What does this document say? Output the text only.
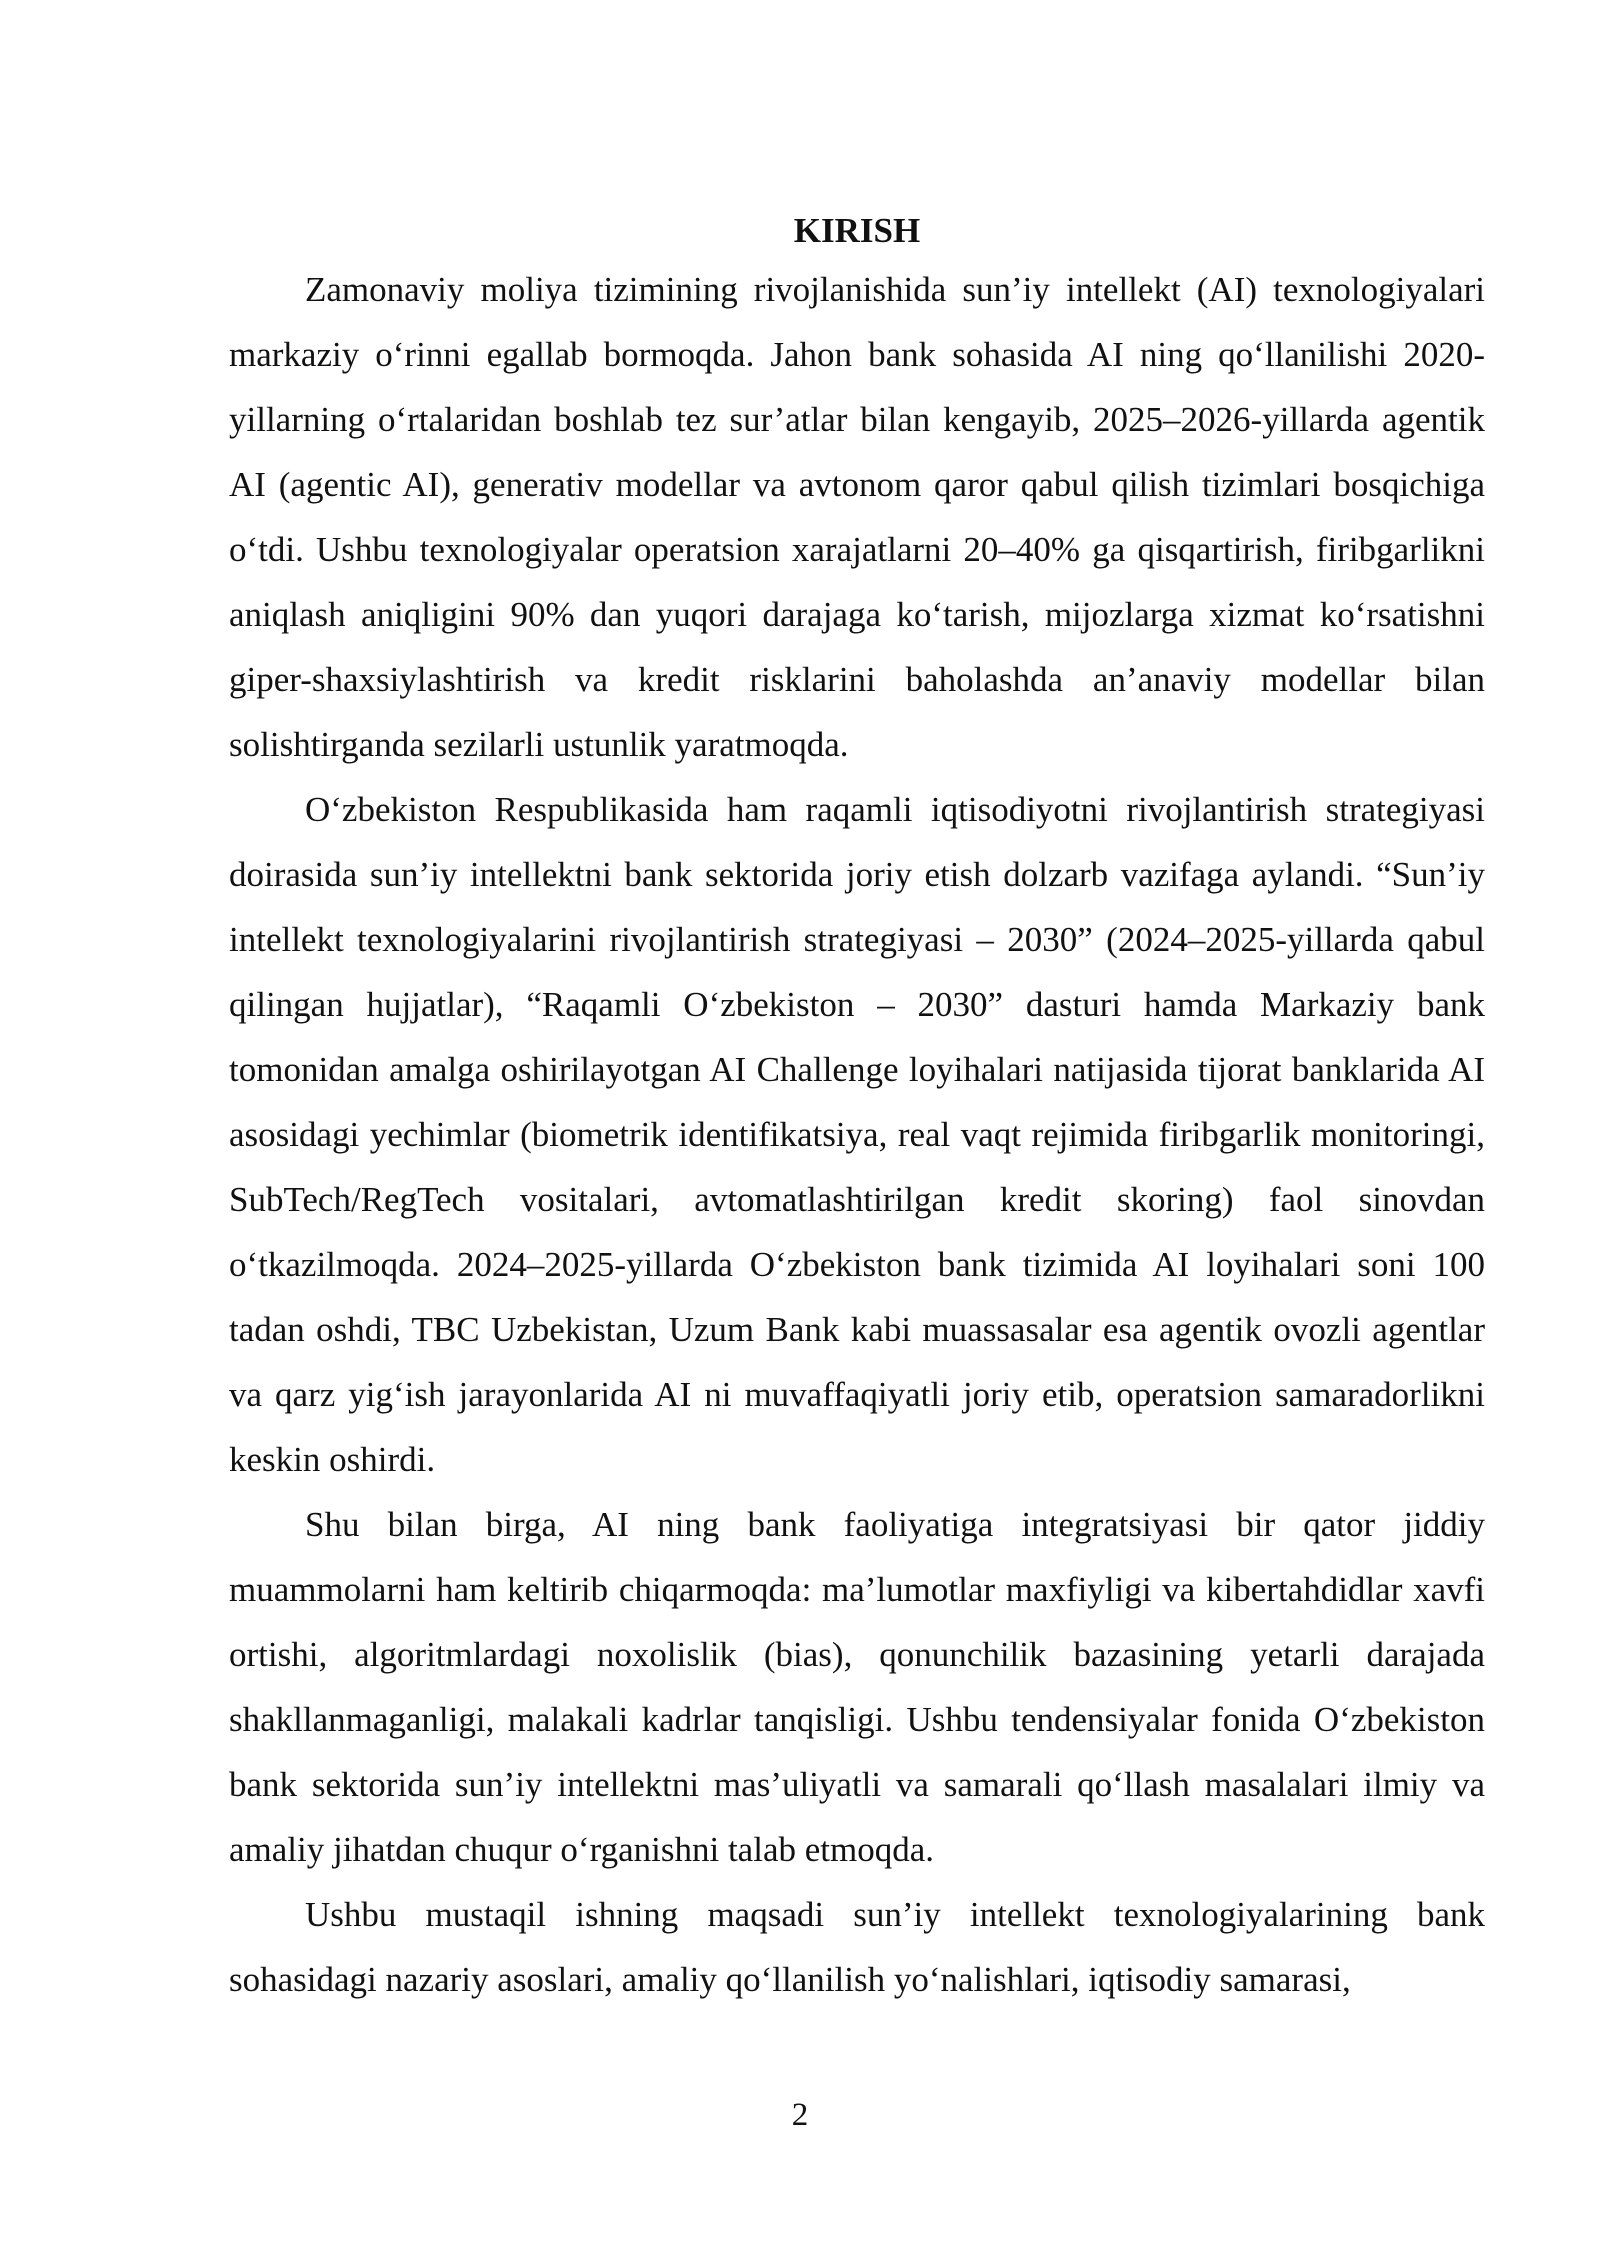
KIRISH

Zamonaviy moliya tizimining rivojlanishida sun’iy intellekt (AI) texnologiyalari markaziy o‘rinni egallab bormoqda. Jahon bank sohasida AI ning qo‘llanilishi 2020-yillarning o‘rtalaridan boshlab tez sur’atlar bilan kengayib, 2025–2026-yillarda agentik AI (agentic AI), generativ modellar va avtonom qaror qabul qilish tizimlari bosqichiga o‘tdi. Ushbu texnologiyalar operatsion xarajatlarni 20–40% ga qisqartirish, firibgarlikni aniqlash aniqligini 90% dan yuqori darajaga ko‘tarish, mijozlarga xizmat ko‘rsatishni giper-shaxsiylashtirish va kredit risklarini baholashda an’anaviy modellar bilan solishtirganda sezilarli ustunlik yaratmoqda.

O‘zbekiston Respublikasida ham raqamli iqtisodiyotni rivojlantirish strategiyasi doirasida sun’iy intellektni bank sektorida joriy etish dolzarb vazifaga aylandi. “Sun’iy intellekt texnologiyalarini rivojlantirish strategiyasi – 2030” (2024–2025-yillarda qabul qilingan hujjatlar), “Raqamli O‘zbekiston – 2030” dasturi hamda Markaziy bank tomonidan amalga oshirilayotgan AI Challenge loyihalari natijasida tijorat banklarida AI asosidagi yechimlar (biometrik identifikatsiya, real vaqt rejimida firibgarlik monitoringi, SubTech/RegTech vositalari, avtomatlashtirilgan kredit skoring) faol sinovdan o‘tkazilmoqda. 2024–2025-yillarda O‘zbekiston bank tizimida AI loyihalari soni 100 tadan oshdi, TBC Uzbekistan, Uzum Bank kabi muassasalar esa agentik ovozli agentlar va qarz yig‘ish jarayonlarida AI ni muvaffaqiyatli joriy etib, operatsion samaradorlikni keskin oshirdi.

Shu bilan birga, AI ning bank faoliyatiga integratsiyasi bir qator jiddiy muammolarni ham keltirib chiqarmoqda: ma’lumotlar maxfiyligi va kibertahdidlar xavfi ortishi, algoritmlardagi noxolislik (bias), qonunchilik bazasining yetarli darajada shakllanmaganligi, malakali kadrlar tanqisligi. Ushbu tendensiyalar fonida O‘zbekiston bank sektorida sun’iy intellektni mas’uliyatli va samarali qo‘llash masalalari ilmiy va amaliy jihatdan chuqur o‘rganishni talab etmoqda.

Ushbu mustaqil ishning maqsadi sun’iy intellekt texnologiyalarining bank sohasidagi nazariy asoslari, amaliy qo‘llanilish yo‘nalishlari, iqtisodiy samarasi,

2
